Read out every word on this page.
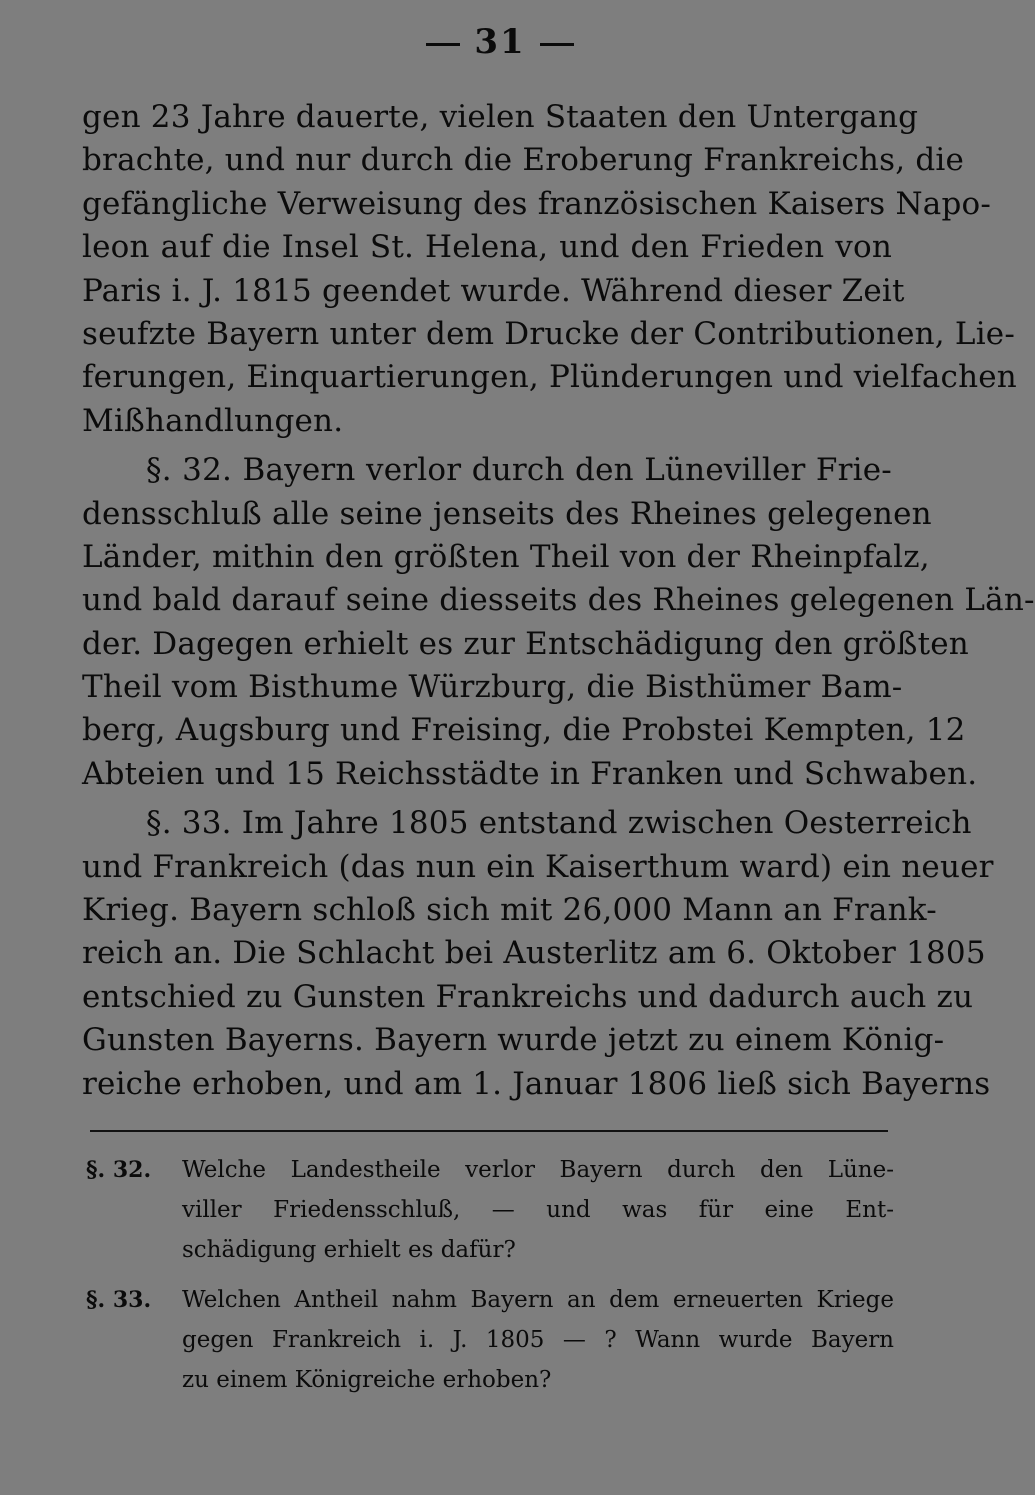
31
gen 23 Jahre dauerte, vielen Staaten den Untergang
brachte, und nur durch die Eroberung Frankreichs, die
gefängliche Verweisung des französischen Kaisers Napo-
leon auf die Insel St. Helena, und den Frieden von
Paris i. J. 1815 geendet wurde. Während dieser Zeit
seufzte Bayern unter dem Drucke der Contributionen, Lie-
ferungen, Einquartierungen, Plünderungen und vielfachen
Mißhandlungen.
§. 32. Bayern verlor durch den Lüneviller Frie-
densschluß alle seine jenseits des Rheines gelegenen
Länder, mithin den größten Theil von der Rheinpfalz,
und bald darauf seine diesseits des Rheines gelegenen Län-
der. Dagegen erhielt es zur Entschädigung den größten
Theil vom Bisthume Würzburg, die Bisthümer Bam-
berg, Augsburg und Freising, die Probstei Kempten, 12
Abteien und 15 Reichsstädte in Franken und Schwaben.
§. 33. Im Jahre 1805 entstand zwischen Oesterreich
und Frankreich (das nun ein Kaiserthum ward) ein neuer
Krieg. Bayern schloß sich mit 26,000 Mann an Frank-
reich an. Die Schlacht bei Austerlitz am 6. Oktober 1805
entschied zu Gunsten Frankreichs und dadurch auch zu
Gunsten Bayerns. Bayern wurde jetzt zu einem König-
reiche erhoben, und am 1. Januar 1806 ließ sich Bayerns
§. 32. Welche Landestheile verlor Bayern durch den Lüne-
viller Friedensschluß, — und was für eine Ent-
schädigung erhielt es dafür?
§. 33. Welchen Antheil nahm Bayern an dem erneuerten Kriege
gegen Frankreich i. J. 1805 — ? Wann wurde Bayern
zu einem Königreiche erhoben?
